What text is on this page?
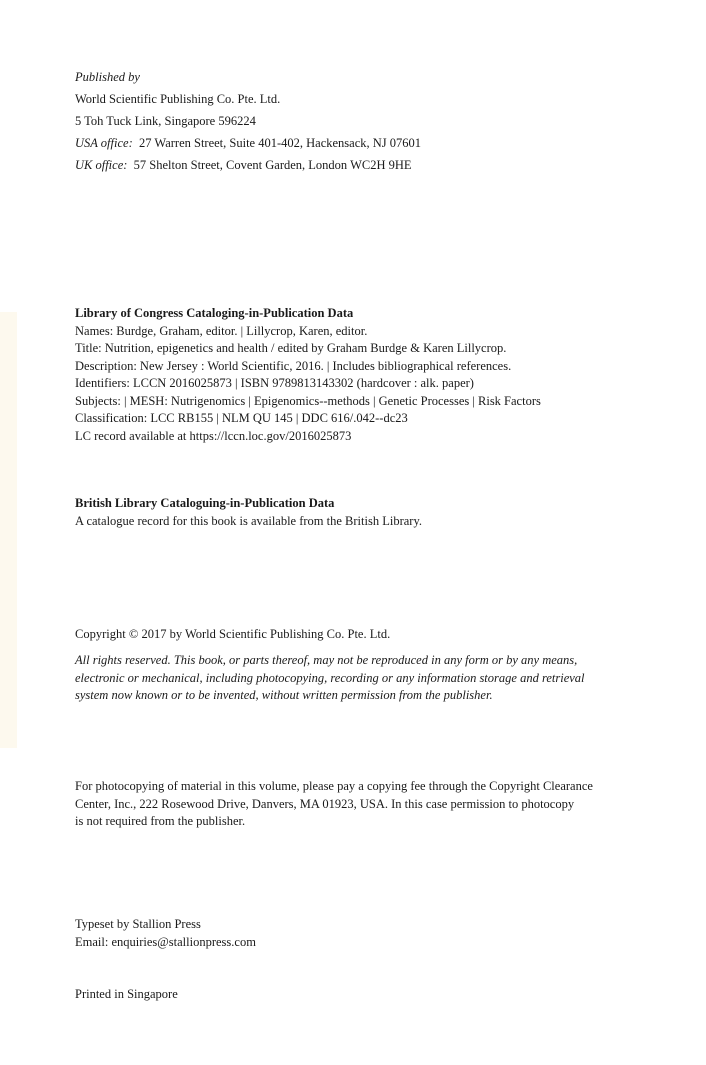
Published by
World Scientific Publishing Co. Pte. Ltd.
5 Toh Tuck Link, Singapore 596224
USA office: 27 Warren Street, Suite 401-402, Hackensack, NJ 07601
UK office: 57 Shelton Street, Covent Garden, London WC2H 9HE
Library of Congress Cataloging-in-Publication Data
Names: Burdge, Graham, editor. | Lillycrop, Karen, editor.
Title: Nutrition, epigenetics and health / edited by Graham Burdge & Karen Lillycrop.
Description: New Jersey : World Scientific, 2016. | Includes bibliographical references.
Identifiers: LCCN 2016025873 | ISBN 9789813143302 (hardcover : alk. paper)
Subjects: | MESH: Nutrigenomics | Epigenomics--methods | Genetic Processes | Risk Factors
Classification: LCC RB155 | NLM QU 145 | DDC 616/.042--dc23
LC record available at https://lccn.loc.gov/2016025873
British Library Cataloguing-in-Publication Data
A catalogue record for this book is available from the British Library.
Copyright © 2017 by World Scientific Publishing Co. Pte. Ltd.
All rights reserved. This book, or parts thereof, may not be reproduced in any form or by any means,
electronic or mechanical, including photocopying, recording or any information storage and retrieval
system now known or to be invented, without written permission from the publisher.
For photocopying of material in this volume, please pay a copying fee through the Copyright Clearance
Center, Inc., 222 Rosewood Drive, Danvers, MA 01923, USA. In this case permission to photocopy
is not required from the publisher.
Typeset by Stallion Press
Email: enquiries@stallionpress.com
Printed in Singapore
